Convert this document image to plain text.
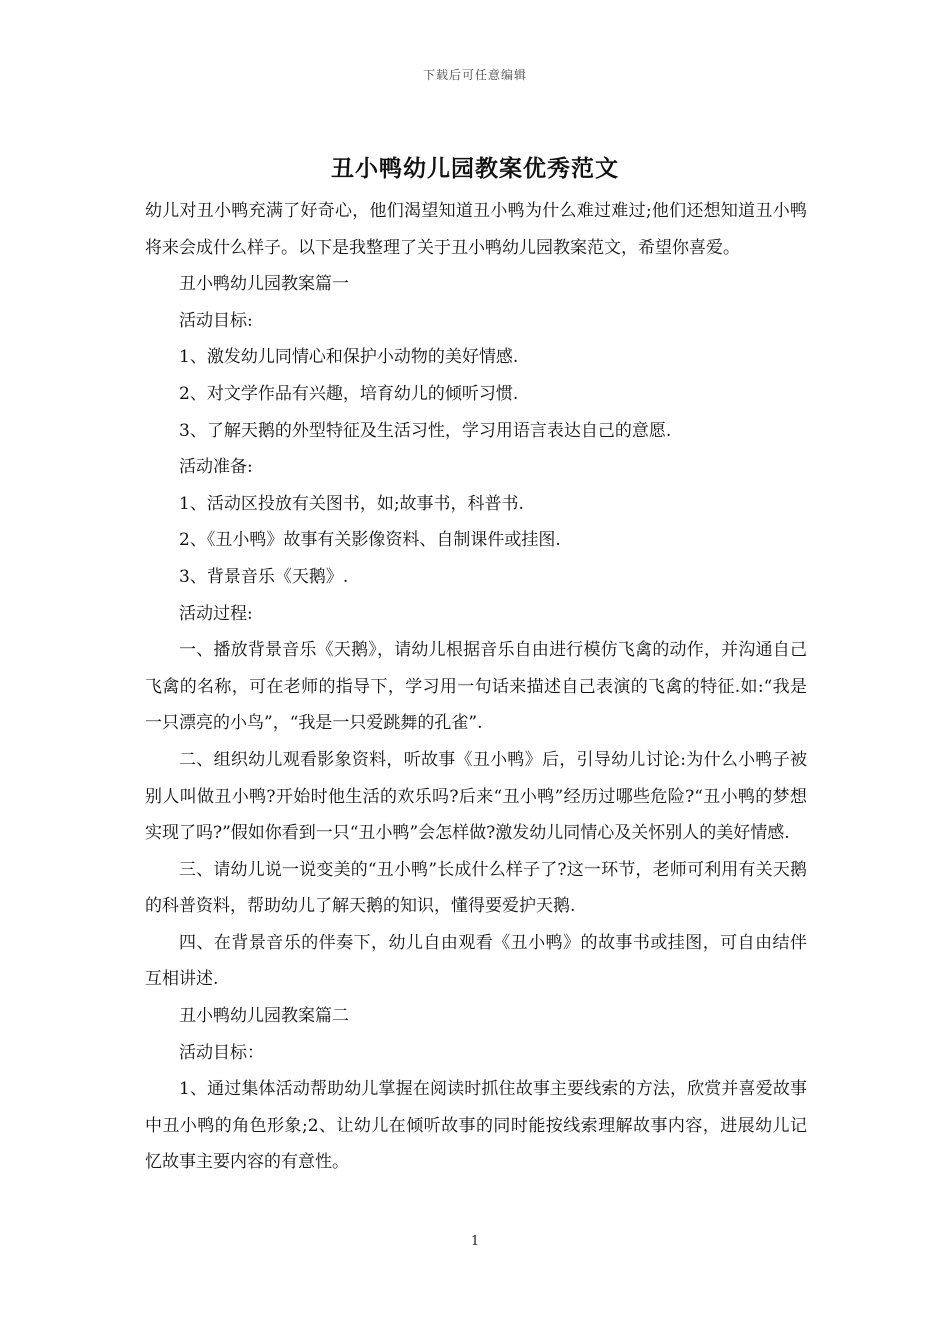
下载后可任意编辑
丑小鸭幼儿园教案优秀范文

幼儿对丑小鸭充满了好奇心，他们渴望知道丑小鸭为什么难过难过;他们还想知道丑小鸭将来会成什么样子。以下是我整理了关于丑小鸭幼儿园教案范文，希望你喜爱。

丑小鸭幼儿园教案篇一

活动目标:

1、激发幼儿同情心和保护小动物的美好情感.

2、对文学作品有兴趣，培育幼儿的倾听习惯.

3、了解天鹅的外型特征及生活习性，学习用语言表达自己的意愿.

活动准备:

1、活动区投放有关图书，如;故事书，科普书.

2、《丑小鸭》故事有关影像资料、自制课件或挂图.

3、背景音乐《天鹅》.

活动过程:

一、播放背景音乐《天鹅》，请幼儿根据音乐自由进行模仿飞禽的动作，并沟通自己飞禽的名称，可在老师的指导下，学习用一句话来描述自己表演的飞禽的特征.如:“我是一只漂亮的小鸟”，“我是一只爱跳舞的孔雀”.

二、组织幼儿观看影象资料，听故事《丑小鸭》后，引导幼儿讨论:为什么小鸭子被别人叫做丑小鸭?开始时他生活的欢乐吗?后来“丑小鸭”经历过哪些危险?“丑小鸭的梦想实现了吗?”假如你看到一只“丑小鸭”会怎样做?激发幼儿同情心及关怀别人的美好情感.

三、请幼儿说一说变美的“丑小鸭”长成什么样子了?这一环节，老师可利用有关天鹅的科普资料，帮助幼儿了解天鹅的知识，懂得要爱护天鹅.

四、在背景音乐的伴奏下，幼儿自由观看《丑小鸭》的故事书或挂图，可自由结伴互相讲述.

丑小鸭幼儿园教案篇二

活动目标：

1、通过集体活动帮助幼儿掌握在阅读时抓住故事主要线索的方法，欣赏并喜爱故事中丑小鸭的角色形象;2、让幼儿在倾听故事的同时能按线索理解故事内容，进展幼儿记忆故事主要内容的有意性。

1
